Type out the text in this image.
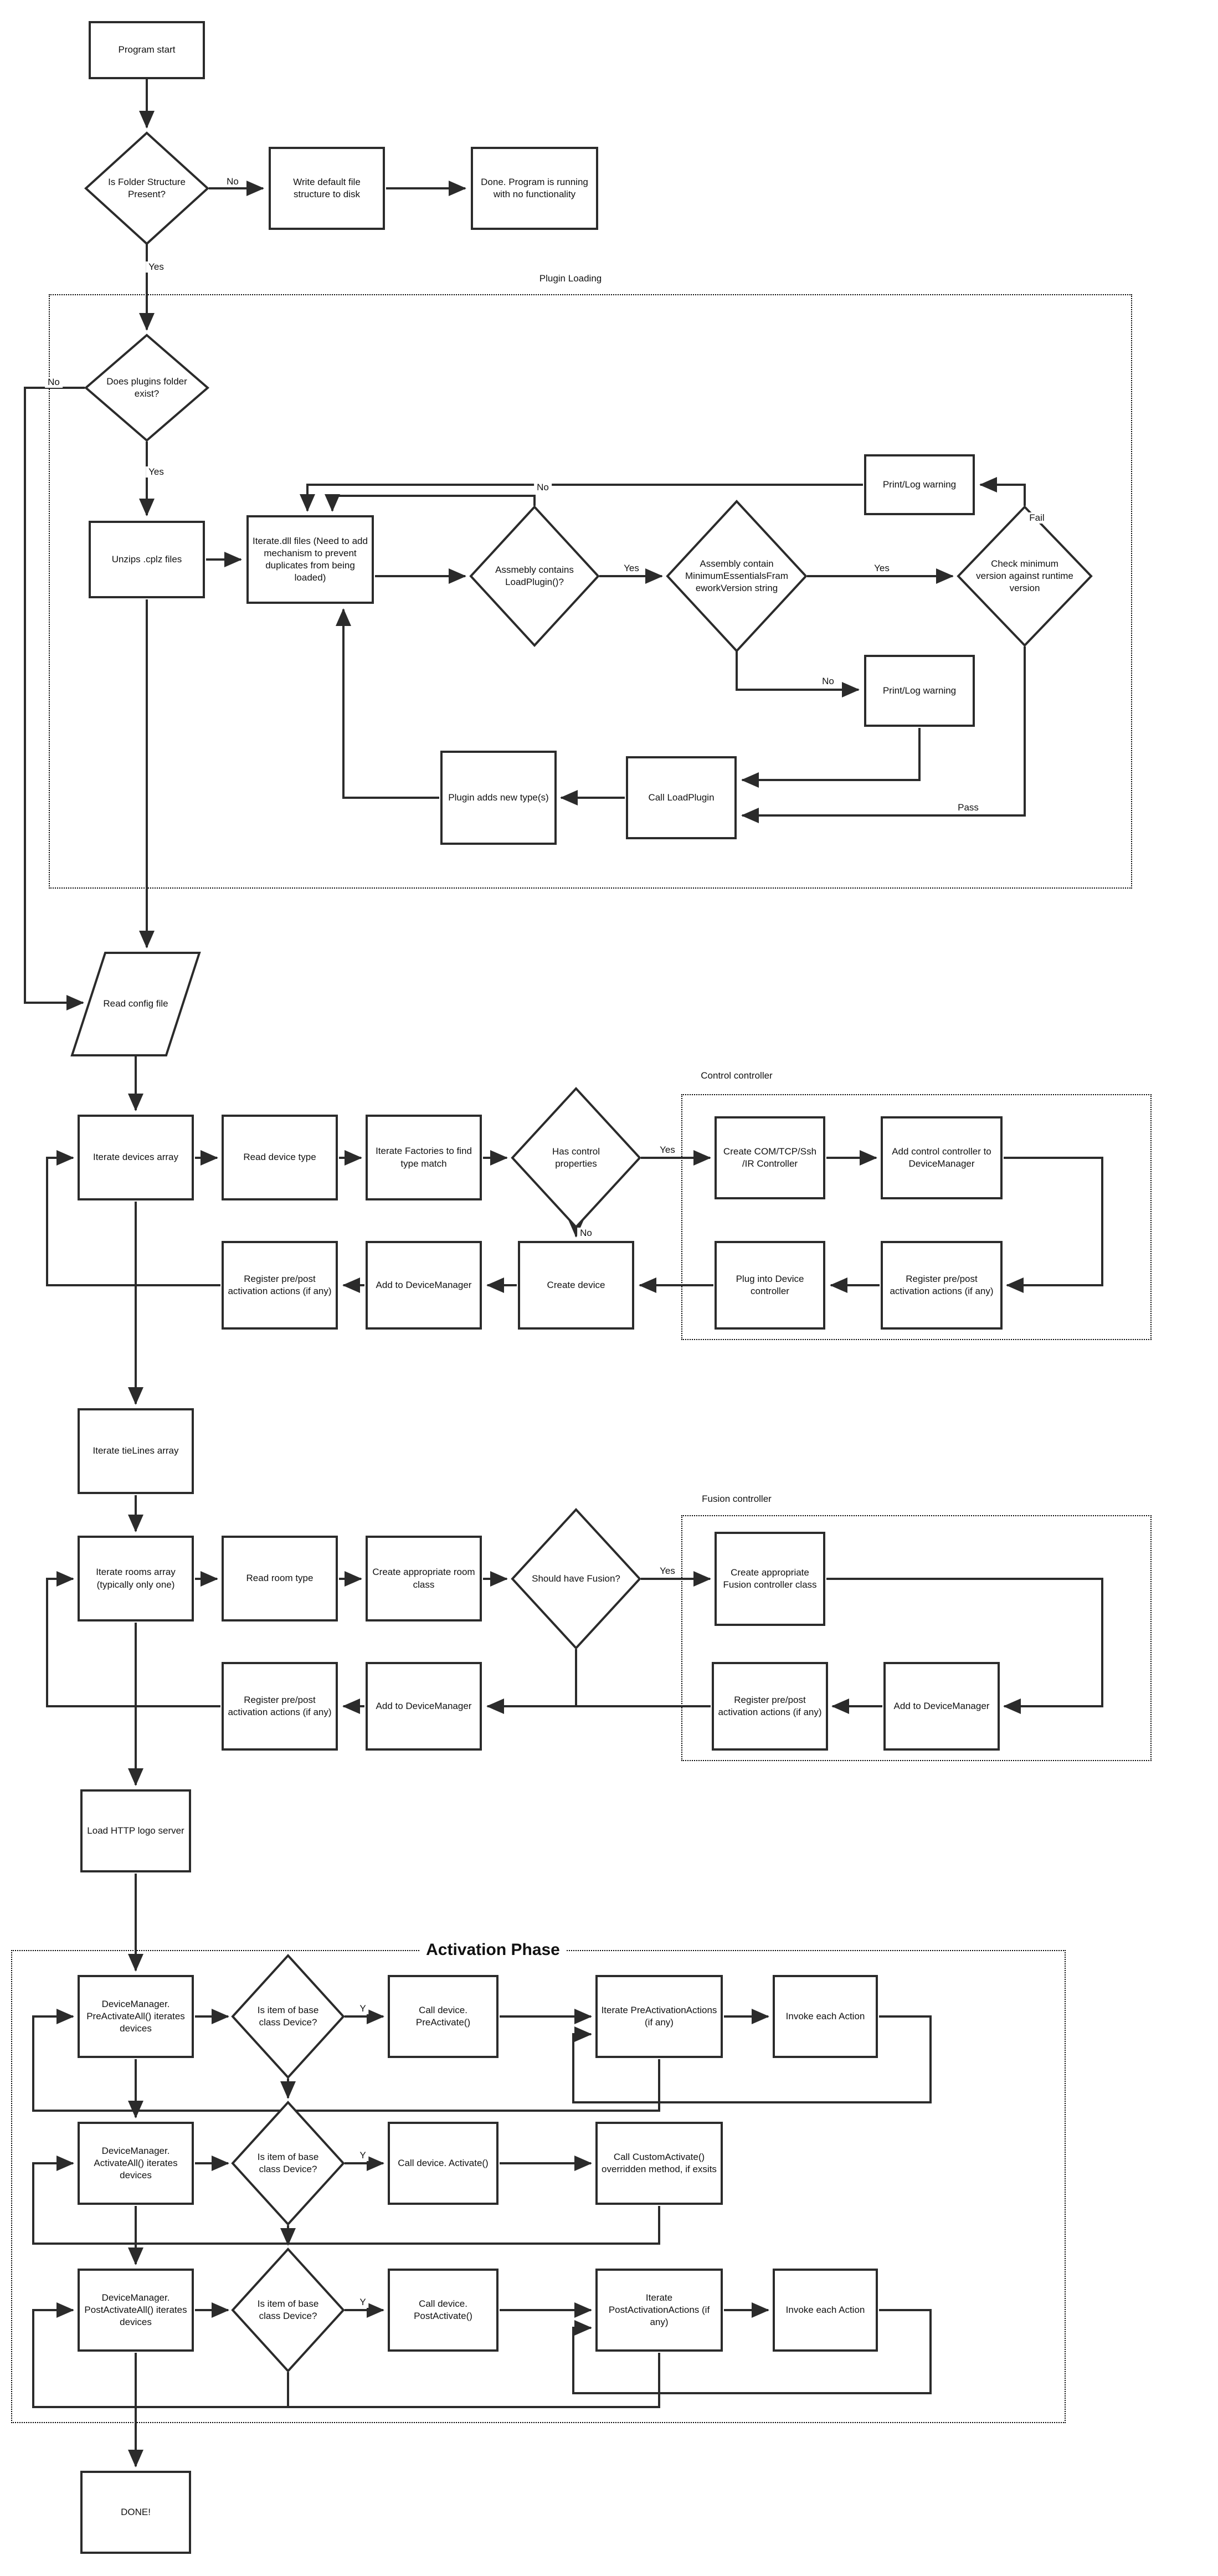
Program start
Write default file structure to disk
Done. Program is running with no functionality
Unzips .cplz files
Iterate.dll files (Need to add mechanism to prevent duplicates from being loaded)
Print/Log warning
Print/Log warning
Call LoadPlugin
Plugin adds new type(s)
Iterate devices array	Read device type
Iterate Factories to find type match
Create COM/TCP/Ssh /IR Controller
Add control controller to DeviceManager
Register pre/post activation actions (if any)
Plug into Device controller
Create device
Add to DeviceManager
Register pre/post activation actions (if any)
Iterate tieLines array
Iterate rooms array (typically only one)
Read room type
Create appropriate room class
Create appropriate Fusion controller class
Add to DeviceManager
Register pre/post activation actions (if any)
Add to DeviceManager
Register pre/post activation actions (if any)
Load HTTP logo server
DeviceManager. PreActivateAll() iterates devices
Call device. PreActivate()
Iterate PreActivationActions (if any)
Invoke each Action
DeviceManager. ActivateAll() iterates devices
Call device. Activate()
Call CustomActivate() overridden method, if exsits
DeviceManager. PostActivateAll() iterates devices
Call device. PostActivate()
Iterate PostActivationActions (if any)
Invoke each Action
DONE!
Is Folder Structure Present?
Does plugins folder exist?
Assmebly contains LoadPlugin()?
Assembly contain MinimumEssentialsFrameworkVersion string
Check minimum version against runtime version
Read config file
Has control properties
Should have Fusion?
Is item of base class Device?
Is item of base class Device?
Is item of base class Device?
Plugin Loading
Control controller
Fusion controller
Activation Phase
No
Yes
No
Yes
No
Yes	Yes
Fail
No
Pass
Yes
No
Yes
Y
Y
Y
